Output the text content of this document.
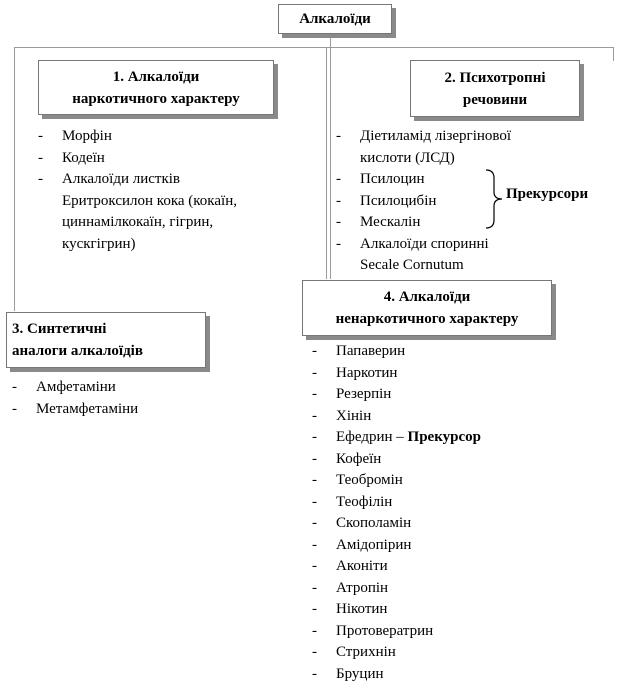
Алкалоїди
1. Алкалоїди
наркотичного характеру
2. Психотропні
речовини
3. Синтетичні
аналоги алкалоїдів
4. Алкалоїди
ненаркотичного характеру
- Морфін
- Кодеїн
- Алкалоїди листків
Еритроксилон кока (кокаїн,
циннамілкокаїн, гігрин,
кускгігрин)
- Діетиламід лізергінової
кислоти (ЛСД)
- Псилоцин
- Псилоцибін
- Мескалін
- Алкалоїди споринні
Secale Cornutum
Прекурсори
- Амфетаміни
- Метамфетаміни
- Папаверин
- Наркотин
- Резерпін
- Хінін
- Ефедрин – Прекурсор
- Кофеїн
- Теобромін
- Теофілін
- Скополамін
- Амідопірин
- Аконіти
- Атропін
- Нікотин
- Протовератрин
- Стрихнін
- Бруцин
